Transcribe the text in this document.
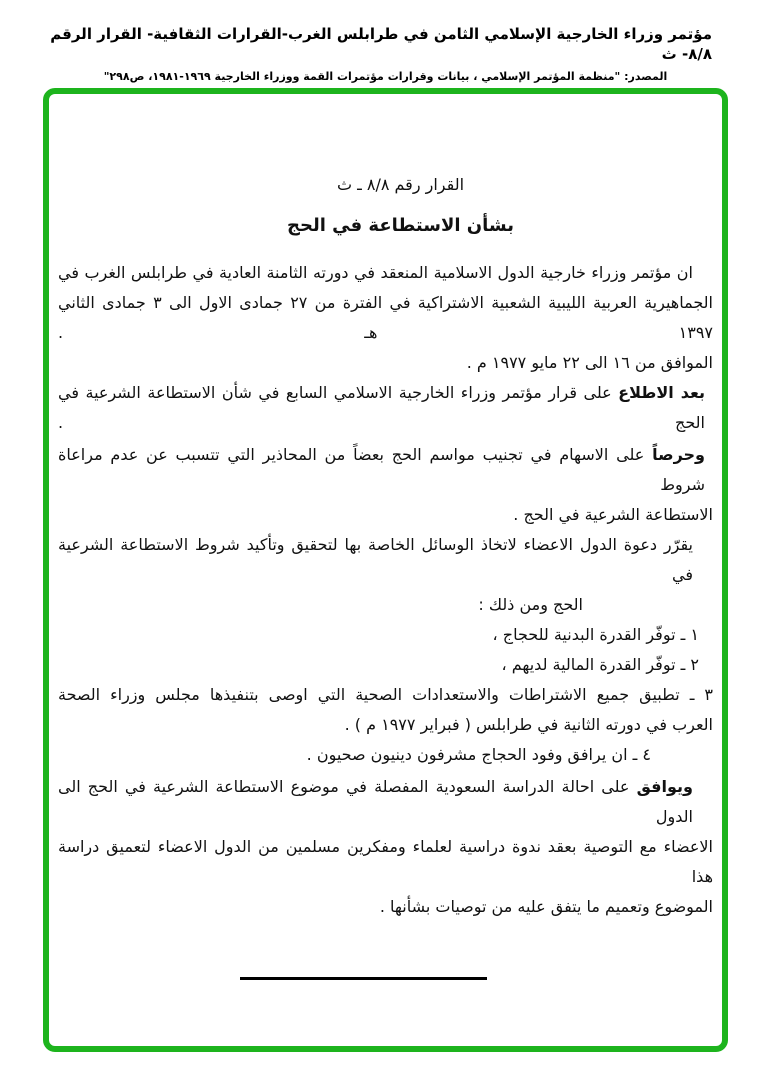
مؤتمر وزراء الخارجية الإسلامي الثامن في طرابلس الغرب-القرارات الثقافية- القرار الرقم ٨/٨- ث
المصدر: "منظمة المؤتمر الإسلامي ، بيانات وقرارات مؤتمرات القمة ووزراء الخارجية ١٩٦٩-١٩٨١، ص٢٩٨"
القرار رقم ٨/٨ ـ ث
بشأن الاستطاعة في الحج
ان مؤتمر وزراء خارجية الدول الاسلامية المنعقد في دورته الثامنة العادية في طرابلس الغرب في
الجماهيرية العربية الليبية الشعبية الاشتراكية في الفترة من ٢٧ جمادى الاول الى ٣ جمادى الثاني ١٣٩٧ هـ .
الموافق من ١٦ الى ٢٢ مايو ١٩٧٧ م .
بعد الاطلاع على قرار مؤتمر وزراء الخارجية الاسلامي السابع في شأن الاستطاعة الشرعية في الحج .
وحرصاً على الاسهام في تجنيب مواسم الحج بعضاً من المحاذير التي تتسبب عن عدم مراعاة شروط
الاستطاعة الشرعية في الحج .
يقرّر دعوة الدول الاعضاء لاتخاذ الوسائل الخاصة بها لتحقيق وتأكيد شروط الاستطاعة الشرعية في
الحج ومن ذلك :
١ ـ توفّر القدرة البدنية للحجاج ،
٢ ـ توفّر القدرة المالية لديهم ،
٣ ـ تطبيق جميع الاشتراطات والاستعدادات الصحية التي اوصى بتنفيذها مجلس وزراء الصحة
العرب في دورته الثانية في طرابلس ( فبراير ١٩٧٧ م ) .
٤ ـ ان يرافق وفود الحجاج مشرفون دينيون صحيون .
ويوافق على احالة الدراسة السعودية المفصلة في موضوع الاستطاعة الشرعية في الحج الى الدول
الاعضاء مع التوصية بعقد ندوة دراسية لعلماء ومفكرين مسلمين من الدول الاعضاء لتعميق دراسة هذا
الموضوع وتعميم ما يتفق عليه من توصيات بشأنها .
